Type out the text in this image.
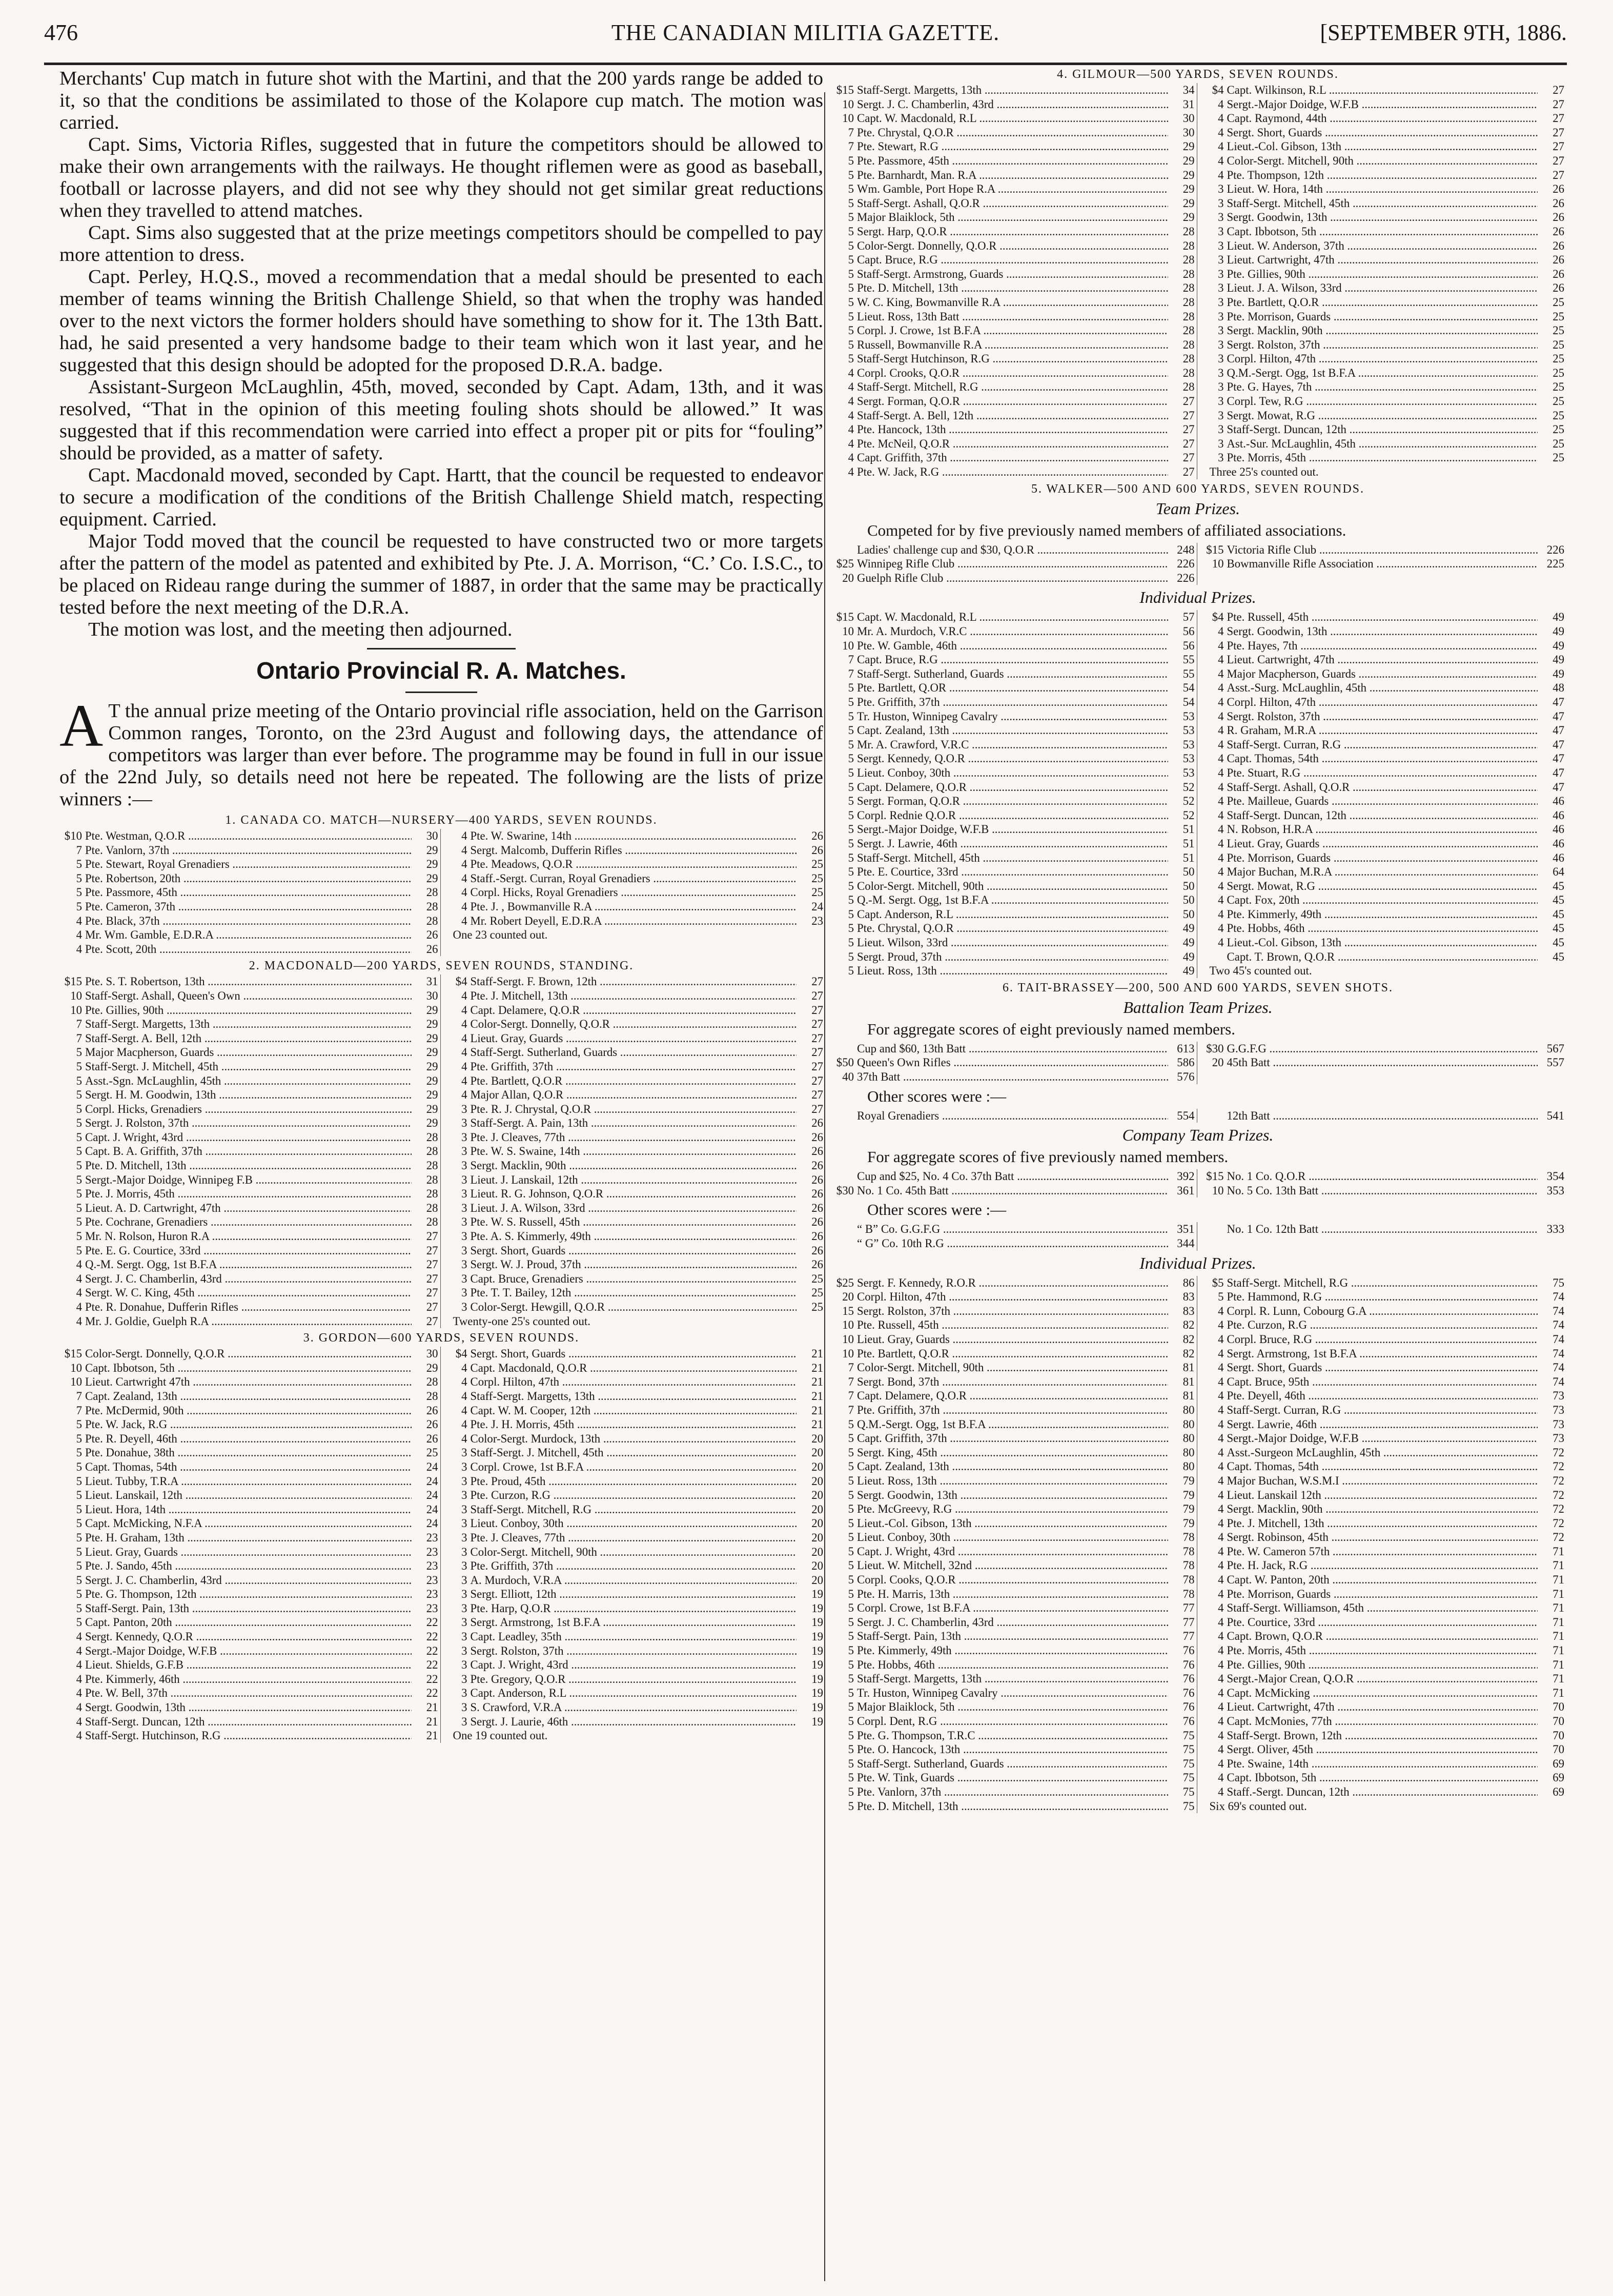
476	THE CANADIAN MILITIA GAZETTE.	[SEPTEMBER 9TH, 1886.

Merchants' Cup match in future shot with the Martini, and that the 200 yards range be added to it, so that the conditions be assimilated to those of the Kolapore cup match. The motion was carried.

Capt. Sims, Victoria Rifles, suggested that in future the competitors should be allowed to make their own arrangements with the railways. He thought riflemen were as good as baseball, football or lacrosse players, and did not see why they should not get similar great reductions when they travelled to attend matches.

Capt. Sims also suggested that at the prize meetings competitors should be compelled to pay more attention to dress.

Capt. Perley, H.Q.S., moved a recommendation that a medal should be presented to each member of teams winning the British Challenge Shield, so that when the trophy was handed over to the next victors the former holders should have something to show for it. The 13th Batt. had, he said presented a very handsome badge to their team which won it last year, and he suggested that this design should be adopted for the proposed D.R.A. badge.

Assistant-Surgeon McLaughlin, 45th, moved, seconded by Capt. Adam, 13th, and it was resolved, “That in the opinion of this meeting fouling shots should be allowed.” It was suggested that if this recommendation were carried into effect a proper pit or pits for “fouling” should be provided, as a matter of safety.

Capt. Macdonald moved, seconded by Capt. Hartt, that the council be requested to endeavor to secure a modification of the conditions of the British Challenge Shield match, respecting equipment. Carried.

Major Todd moved that the council be requested to have constructed two or more targets after the pattern of the model as patented and exhibited by Pte. J. A. Morrison, “C.’ Co. I.S.C., to be placed on Rideau range during the summer of 1887, in order that the same may be practically tested before the next meeting of the D.R.A.

The motion was lost, and the meeting then adjourned.

Ontario Provincial R. A. Matches.

A T the annual prize meeting of the Ontario provincial rifle association, held on the Garrison Common ranges, Toronto, on the 23rd August and following days, the attendance of competitors was larger than ever before. The programme may be found in full in our issue of the 22nd July, so details need not here be repeated. The following are the lists of prize winners :—

1. CANADA CO. MATCH—NURSERY—400 YARDS, SEVEN ROUNDS.
$10 Pte. Westman, Q.O.R .....	30
7 Pte. Vanlorn, 37th .....	29
5 Pte. Stewart, Royal Grenadiers .....	29
5 Pte. Robertson, 20th .....	29
5 Pte. Passmore, 45th .....	28
5 Pte. Cameron, 37th .....	28
4 Pte. Black, 37th .....	28
4 Mr. Wm. Gamble, E.D.R.A .....	26
4 Pte. Scott, 20th .....	26
4 Pte. W. Swarine, 14th .....	26
4 Sergt. Malcomb, Dufferin Rifles .....	26
4 Pte. Meadows, Q.O.R .....	25
4 Staff.-Sergt. Curran, Royal Grenadiers .....	25
4 Corpl. Hicks, Royal Grenadiers .....	25
4 Pte. J. , Bowmanville R.A .....	24
4 Mr. Robert Deyell, E.D.R.A .....	23
One 23 counted out.
2. MACDONALD—200 YARDS, SEVEN ROUNDS, STANDING.
$15 Pte. S. T. Robertson, 13th .....	31
10 Staff-Sergt. Ashall, Queen's Own .....	30
10 Pte. Gillies, 90th .....	29
7 Staff-Sergt. Margetts, 13th .....	29
7 Staff-Sergt. A. Bell, 12th .....	29
5 Major Macpherson, Guards .....	29
5 Staff-Sergt. J. Mitchell, 45th .....	29
5 Asst.-Sgn. McLaughlin, 45th .....	29
5 Sergt. H. M. Goodwin, 13th .....	29
5 Corpl. Hicks, Grenadiers .....	29
5 Sergt. J. Rolston, 37th .....	29
5 Capt. J. Wright, 43rd .....	28
5 Capt. B. A. Griffith, 37th .....	28
5 Pte. D. Mitchell, 13th .....	28
5 Sergt.-Major Doidge, Winnipeg F.B .....	28
5 Pte. J. Morris, 45th .....	28
5 Lieut. A. D. Cartwright, 47th .....	28
5 Pte. Cochrane, Grenadiers .....	28
5 Mr. N. Rolson, Huron R.A .....	27
5 Pte. E. G. Courtice, 33rd .....	27
4 Q.-M. Sergt. Ogg, 1st B.F.A .....	27
4 Sergt. J. C. Chamberlin, 43rd .....	27
4 Sergt. W. C. King, 45th .....	27
4 Pte. R. Donahue, Dufferin Rifles .....	27
4 Mr. J. Goldie, Guelph R.A .....	27
$4 Staff-Sergt. F. Brown, 12th .....	27
4 Pte. J. Mitchell, 13th .....	27
4 Capt. Delamere, Q.O.R .....	27
4 Color-Sergt. Donnelly, Q.O.R .....	27
4 Lieut. Gray, Guards .....	27
4 Staff-Sergt. Sutherland, Guards .....	27
4 Pte. Griffith, 37th .....	27
4 Pte. Bartlett, Q.O.R .....	27
4 Major Allan, Q.O.R .....	27
3 Pte. R. J. Chrystal, Q.O.R .....	27
3 Staff-Sergt. A. Pain, 13th .....	26
3 Pte. J. Cleaves, 77th .....	26
3 Pte. W. S. Swaine, 14th .....	26
3 Sergt. Macklin, 90th .....	26
3 Lieut. J. Lanskail, 12th .....	26
3 Lieut. R. G. Johnson, Q.O.R .....	26
3 Lieut. J. A. Wilson, 33rd .....	26
3 Pte. W. S. Russell, 45th .....	26
3 Pte. A. S. Kimmerly, 49th .....	26
3 Sergt. Short, Guards .....	26
3 Sergt. W. J. Proud, 37th .....	26
3 Capt. Bruce, Grenadiers .....	25
3 Pte. T. T. Bailey, 12th .....	25
3 Color-Sergt. Hewgill, Q.O.R .....	25
Twenty-one 25's counted out.
3. GORDON—600 YARDS, SEVEN ROUNDS.
$15 Color-Sergt. Donnelly, Q.O.R .....	30
10 Capt. Ibbotson, 5th .....	29
10 Lieut. Cartwright 47th .....	28
7 Capt. Zealand, 13th .....	28
7 Pte. McDermid, 90th .....	26
5 Pte. W. Jack, R.G .....	26
5 Pte. R. Deyell, 46th .....	26
5 Pte. Donahue, 38th .....	25
5 Capt. Thomas, 54th .....	24
5 Lieut. Tubby, T.R.A .....	24
5 Lieut. Lanskail, 12th .....	24
5 Lieut. Hora, 14th .....	24
5 Capt. McMicking, N.F.A .....	24
5 Pte. H. Graham, 13th .....	23
5 Lieut. Gray, Guards .....	23
5 Pte. J. Sando, 45th .....	23
5 Sergt. J. C. Chamberlin, 43rd .....	23
5 Pte. G. Thompson, 12th .....	23
5 Staff-Sergt. Pain, 13th .....	23
5 Capt. Panton, 20th .....	22
4 Sergt. Kennedy, Q.O.R .....	22
4 Sergt.-Major Doidge, W.F.B .....	22
4 Lieut. Shields, G.F.B .....	22
4 Pte. Kimmerly, 46th .....	22
4 Pte. W. Bell, 37th .....	22
4 Sergt. Goodwin, 13th .....	21
4 Staff-Sergt. Duncan, 12th .....	21
4 Staff-Sergt. Hutchinson, R.G .....	21
$4 Sergt. Short, Guards .....	21
4 Capt. Macdonald, Q.O.R .....	21
4 Corpl. Hilton, 47th .....	21
4 Staff-Sergt. Margetts, 13th .....	21
4 Capt. W. M. Cooper, 12th .....	21
4 Pte. J. H. Morris, 45th .....	21
4 Color-Sergt. Murdock, 13th .....	20
3 Staff-Sergt. J. Mitchell, 45th .....	20
3 Corpl. Crowe, 1st B.F.A .....	20
3 Pte. Proud, 45th .....	20
3 Pte. Curzon, R.G .....	20
3 Staff-Sergt. Mitchell, R.G .....	20
3 Lieut. Conboy, 30th .....	20
3 Pte. J. Cleaves, 77th .....	20
3 Color-Sergt. Mitchell, 90th .....	20
3 Pte. Griffith, 37th .....	20
3 A. Murdoch, V.R.A .....	20
3 Sergt. Elliott, 12th .....	19
3 Pte. Harp, Q.O.R .....	19
3 Sergt. Armstrong, 1st B.F.A .....	19
3 Capt. Leadley, 35th .....	19
3 Sergt. Rolston, 37th .....	19
3 Capt. J. Wright, 43rd .....	19
3 Pte. Gregory, Q.O.R .....	19
3 Capt. Anderson, R.L .....	19
3 S. Crawford, V.R.A .....	19
3 Sergt. J. Laurie, 46th .....	19
One 19 counted out.
4. GILMOUR—500 YARDS, SEVEN ROUNDS.
$15 Staff-Sergt. Margetts, 13th .....	34
10 Sergt. J. C. Chamberlin, 43rd .....	31
10 Capt. W. Macdonald, R.L .....	30
7 Pte. Chrystal, Q.O.R .....	30
7 Pte. Stewart, R.G .....	29
5 Pte. Passmore, 45th .....	29
5 Pte. Barnhardt, Man. R.A .....	29
5 Wm. Gamble, Port Hope R.A .....	29
5 Staff-Sergt. Ashall, Q.O.R .....	29
5 Major Blaiklock, 5th .....	29
5 Sergt. Harp, Q.O.R .....	28
5 Color-Sergt. Donnelly, Q.O.R .....	28
5 Capt. Bruce, R.G .....	28
5 Staff-Sergt. Armstrong, Guards .....	28
5 Pte. D. Mitchell, 13th .....	28
5 W. C. King, Bowmanville R.A .....	28
5 Lieut. Ross, 13th Batt .....	28
5 Corpl. J. Crowe, 1st B.F.A .....	28
5 Russell, Bowmanville R.A .....	28
5 Staff-Sergt Hutchinson, R.G .....	28
4 Corpl. Crooks, Q.O.R .....	28
4 Staff-Sergt. Mitchell, R.G .....	28
4 Sergt. Forman, Q.O.R .....	27
4 Staff-Sergt. A. Bell, 12th .....	27
4 Pte. Hancock, 13th .....	27
4 Pte. McNeil, Q.O.R .....	27
4 Capt. Griffith, 37th .....	27
4 Pte. W. Jack, R.G .....	27
$4 Capt. Wilkinson, R.L .....	27
4 Sergt.-Major Doidge, W.F.B .....	27
4 Capt. Raymond, 44th .....	27
4 Sergt. Short, Guards .....	27
4 Lieut.-Col. Gibson, 13th .....	27
4 Color-Sergt. Mitchell, 90th .....	27
4 Pte. Thompson, 12th .....	27
3 Lieut. W. Hora, 14th .....	26
3 Staff-Sergt. Mitchell, 45th .....	26
3 Sergt. Goodwin, 13th .....	26
3 Capt. Ibbotson, 5th .....	26
3 Lieut. W. Anderson, 37th .....	26
3 Lieut. Cartwright, 47th .....	26
3 Pte. Gillies, 90th .....	26
3 Lieut. J. A. Wilson, 33rd .....	26
3 Pte. Bartlett, Q.O.R .....	25
3 Pte. Morrison, Guards .....	25
3 Sergt. Macklin, 90th .....	25
3 Sergt. Rolston, 37th .....	25
3 Corpl. Hilton, 47th .....	25
3 Q.M.-Sergt. Ogg, 1st B.F.A .....	25
3 Pte. G. Hayes, 7th .....	25
3 Corpl. Tew, R.G .....	25
3 Sergt. Mowat, R.G .....	25
3 Staff-Sergt. Duncan, 12th .....	25
3 Ast.-Sur. McLaughlin, 45th .....	25
3 Pte. Morris, 45th .....	25
Three 25's counted out.
5. WALKER—500 AND 600 YARDS, SEVEN ROUNDS.
Team Prizes.
Competed for by five previously named members of affiliated associations.
Ladies' challenge cup and $30, Q.O.R .....	248
$25 Winnipeg Rifle Club .....	226
20 Guelph Rifle Club .....	226
$15 Victoria Rifle Club .....	226
10 Bowmanville Rifle Association .....	225
Individual Prizes.
$15 Capt. W. Macdonald, R.L .....	57
10 Mr. A. Murdoch, V.R.C .....	56
10 Pte. W. Gamble, 46th .....	56
7 Capt. Bruce, R.G .....	55
7 Staff-Sergt. Sutherland, Guards .....	55
5 Pte. Bartlett, Q.OR .....	54
5 Pte. Griffith, 37th .....	54
5 Tr. Huston, Winnipeg Cavalry .....	53
5 Capt. Zealand, 13th .....	53
5 Mr. A. Crawford, V.R.C .....	53
5 Sergt. Kennedy, Q.O.R .....	53
5 Lieut. Conboy, 30th .....	53
5 Capt. Delamere, Q.O.R .....	52
5 Sergt. Forman, Q.O.R .....	52
5 Corpl. Rednie Q.O.R .....	52
5 Sergt.-Major Doidge, W.F.B .....	51
5 Sergt. J. Lawrie, 46th .....	51
5 Staff-Sergt. Mitchell, 45th .....	51
5 Pte. E. Courtice, 33rd .....	50
5 Color-Sergt. Mitchell, 90th .....	50
5 Q.-M. Sergt. Ogg, 1st B.F.A .....	50
5 Capt. Anderson, R.L .....	50
5 Pte. Chrystal, Q.O.R .....	49
5 Lieut. Wilson, 33rd .....	49
5 Sergt. Proud, 37th .....	49
5 Lieut. Ross, 13th .....	49
$4 Pte. Russell, 45th .....	49
4 Sergt. Goodwin, 13th .....	49
4 Pte. Hayes, 7th .....	49
4 Lieut. Cartwright, 47th .....	49
4 Major Macpherson, Guards .....	49
4 Asst.-Surg. McLaughlin, 45th .....	48
4 Corpl. Hilton, 47th .....	47
4 Sergt. Rolston, 37th .....	47
4 R. Graham, M.R.A .....	47
4 Staff-Sergt. Curran, R.G .....	47
4 Capt. Thomas, 54th .....	47
4 Pte. Stuart, R.G .....	47
4 Staff-Sergt. Ashall, Q.O.R .....	47
4 Pte. Mailleue, Guards .....	46
4 Staff-Sergt. Duncan, 12th .....	46
4 N. Robson, H.R.A .....	46
4 Lieut. Gray, Guards .....	46
4 Pte. Morrison, Guards .....	46
4 Major Buchan, M.R.A .....	64
4 Sergt. Mowat, R.G .....	45
4 Capt. Fox, 20th .....	45
4 Pte. Kimmerly, 49th .....	45
4 Pte. Hobbs, 46th .....	45
4 Lieut.-Col. Gibson, 13th .....	45
Capt. T. Brown, Q.O.R .....	45
Two 45's counted out.
6. TAIT-BRASSEY—200, 500 AND 600 YARDS, SEVEN SHOTS.
Battalion Team Prizes.
For aggregate scores of eight previously named members.
Cup and $60, 13th Batt .....	613
$50 Queen's Own Rifles .....	586
40 37th Batt .....	576
$30 G.G.F.G .....	567
20 45th Batt .....	557
Other scores were :—
Royal Grenadiers .....	554	12th Batt .....	541
Company Team Prizes.
For aggregate scores of five previously named members.
Cup and $25, No. 4 Co. 37th Batt .....	392
$30 No. 1 Co. 45th Batt .....	361
$15 No. 1 Co. Q.O.R .....	354
10 No. 5 Co. 13th Batt .....	353
Other scores were :—
“ B” Co. G.G.F.G .....	351
“ G” Co. 10th R.G .....	344
No. 1 Co. 12th Batt .....	333
Individual Prizes.
$25 Sergt. F. Kennedy, R.O.R .....	86
20 Corpl. Hilton, 47th .....	83
15 Sergt. Rolston, 37th .....	83
10 Pte. Russell, 45th .....	82
10 Lieut. Gray, Guards .....	82
10 Pte. Bartlett, Q.O.R .....	82
7 Color-Sergt. Mitchell, 90th .....	81
7 Sergt. Bond, 37th .....	81
7 Capt. Delamere, Q.O.R .....	81
7 Pte. Griffith, 37th .....	80
5 Q.M.-Sergt. Ogg, 1st B.F.A .....	80
5 Capt. Griffith, 37th .....	80
5 Sergt. King, 45th .....	80
5 Capt. Zealand, 13th .....	80
5 Lieut. Ross, 13th .....	79
5 Sergt. Goodwin, 13th .....	79
5 Pte. McGreevy, R.G .....	79
5 Lieut.-Col. Gibson, 13th .....	79
5 Lieut. Conboy, 30th .....	78
5 Capt. J. Wright, 43rd .....	78
5 Lieut. W. Mitchell, 32nd .....	78
5 Corpl. Cooks, Q.O.R .....	78
5 Pte. H. Marris, 13th .....	78
5 Corpl. Crowe, 1st B.F.A .....	77
5 Sergt. J. C. Chamberlin, 43rd .....	77
5 Staff-Sergt. Pain, 13th .....	77
5 Pte. Kimmerly, 49th .....	76
5 Pte. Hobbs, 46th .....	76
5 Staff-Sergt. Margetts, 13th .....	76
5 Tr. Huston, Winnipeg Cavalry .....	76
5 Major Blaiklock, 5th .....	76
5 Corpl. Dent, R.G .....	76
5 Pte. G. Thompson, T.R.C .....	75
5 Pte. O. Hancock, 13th .....	75
5 Staff-Sergt. Sutherland, Guards .....	75
5 Pte. W. Tink, Guards .....	75
5 Pte. Vanlorn, 37th .....	75
5 Pte. D. Mitchell, 13th .....	75
$5 Staff-Sergt. Mitchell, R.G .....	75
5 Pte. Hammond, R.G .....	74
4 Corpl. R. Lunn, Cobourg G.A .....	74
4 Pte. Curzon, R.G .....	74
4 Corpl. Bruce, R.G .....	74
4 Sergt. Armstrong, 1st B.F.A .....	74
4 Sergt. Short, Guards .....	74
4 Capt. Bruce, 95th .....	74
4 Pte. Deyell, 46th .....	73
4 Staff-Sergt. Curran, R.G .....	73
4 Sergt. Lawrie, 46th .....	73
4 Sergt.-Major Doidge, W.F.B .....	73
4 Asst.-Surgeon McLaughlin, 45th .....	72
4 Capt. Thomas, 54th .....	72
4 Major Buchan, W.S.M.I .....	72
4 Lieut. Lanskail 12th .....	72
4 Sergt. Macklin, 90th .....	72
4 Pte. J. Mitchell, 13th .....	72
4 Sergt. Robinson, 45th .....	72
4 Pte. W. Cameron 57th .....	71
4 Pte. H. Jack, R.G .....	71
4 Capt. W. Panton, 20th .....	71
4 Pte. Morrison, Guards .....	71
4 Staff-Sergt. Williamson, 45th .....	71
4 Pte. Courtice, 33rd .....	71
4 Capt. Brown, Q.O.R .....	71
4 Pte. Morris, 45th .....	71
4 Pte. Gillies, 90th .....	71
4 Sergt.-Major Crean, Q.O.R .....	71
4 Capt. McMicking .....	71
4 Lieut. Cartwright, 47th .....	70
4 Capt. McMonies, 77th .....	70
4 Staff-Sergt. Brown, 12th .....	70
4 Sergt. Oliver, 45th .....	70
4 Pte. Swaine, 14th .....	69
4 Capt. Ibbotson, 5th .....	69
4 Staff.-Sergt. Duncan, 12th .....	69
Six 69's counted out.
